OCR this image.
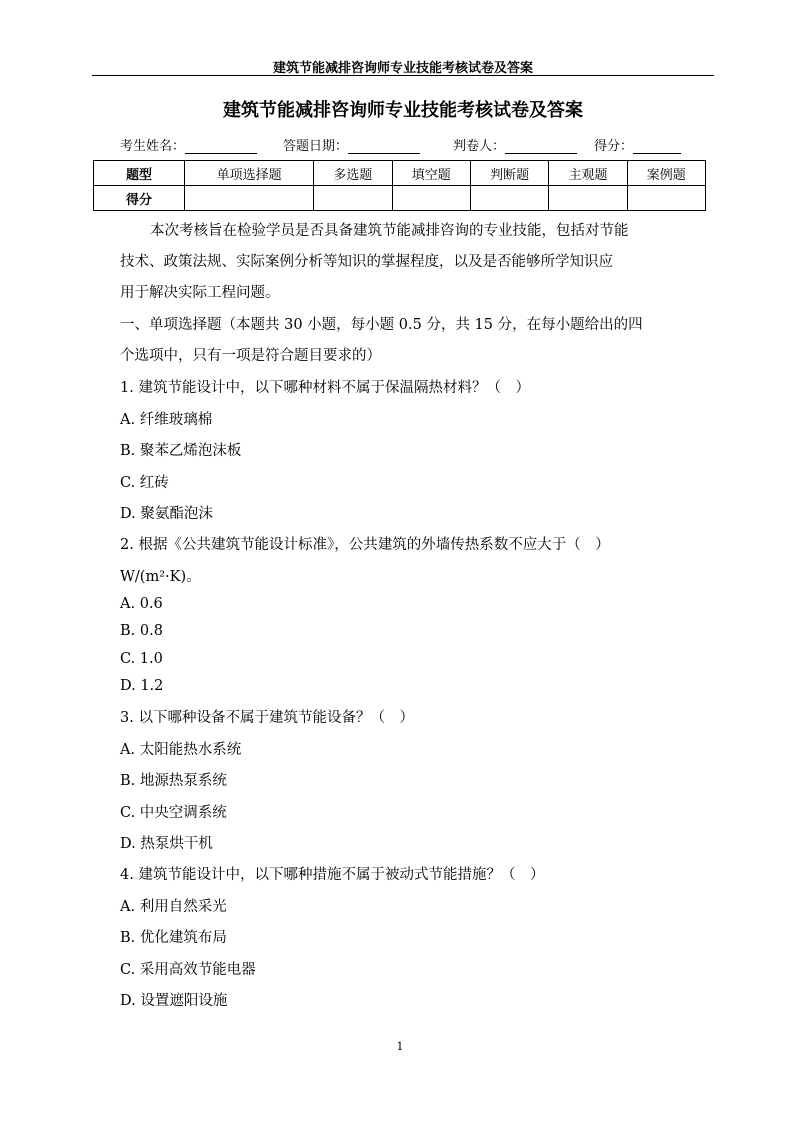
建筑节能减排咨询师专业技能考核试卷及答案
建筑节能减排咨询师专业技能考核试卷及答案
考生姓名：	答题日期：	判卷人：	得分：
题型	单项选择题	多选题	填空题	判断题	主观题	案例题
得分						
本次考核旨在检验学员是否具备建筑节能减排咨询的专业技能，包括对节能
技术、政策法规、实际案例分析等知识的掌握程度，以及是否能够所学知识应
用于解决实际工程问题。
一、单项选择题（本题共 30 小题，每小题 0.5 分，共 15 分，在每小题给出的四
个选项中，只有一项是符合题目要求的）
1. 建筑节能设计中，以下哪种材料不属于保温隔热材料？（　）
A. 纤维玻璃棉
B. 聚苯乙烯泡沫板
C. 红砖
D. 聚氨酯泡沫
2. 根据《公共建筑节能设计标准》，公共建筑的外墙传热系数不应大于（　）
W/(m²·K)。
A. 0.6
B. 0.8
C. 1.0
D. 1.2
3. 以下哪种设备不属于建筑节能设备？（　）
A. 太阳能热水系统
B. 地源热泵系统
C. 中央空调系统
D. 热泵烘干机
4. 建筑节能设计中，以下哪种措施不属于被动式节能措施？（　）
A. 利用自然采光
B. 优化建筑布局
C. 采用高效节能电器
D. 设置遮阳设施
1
